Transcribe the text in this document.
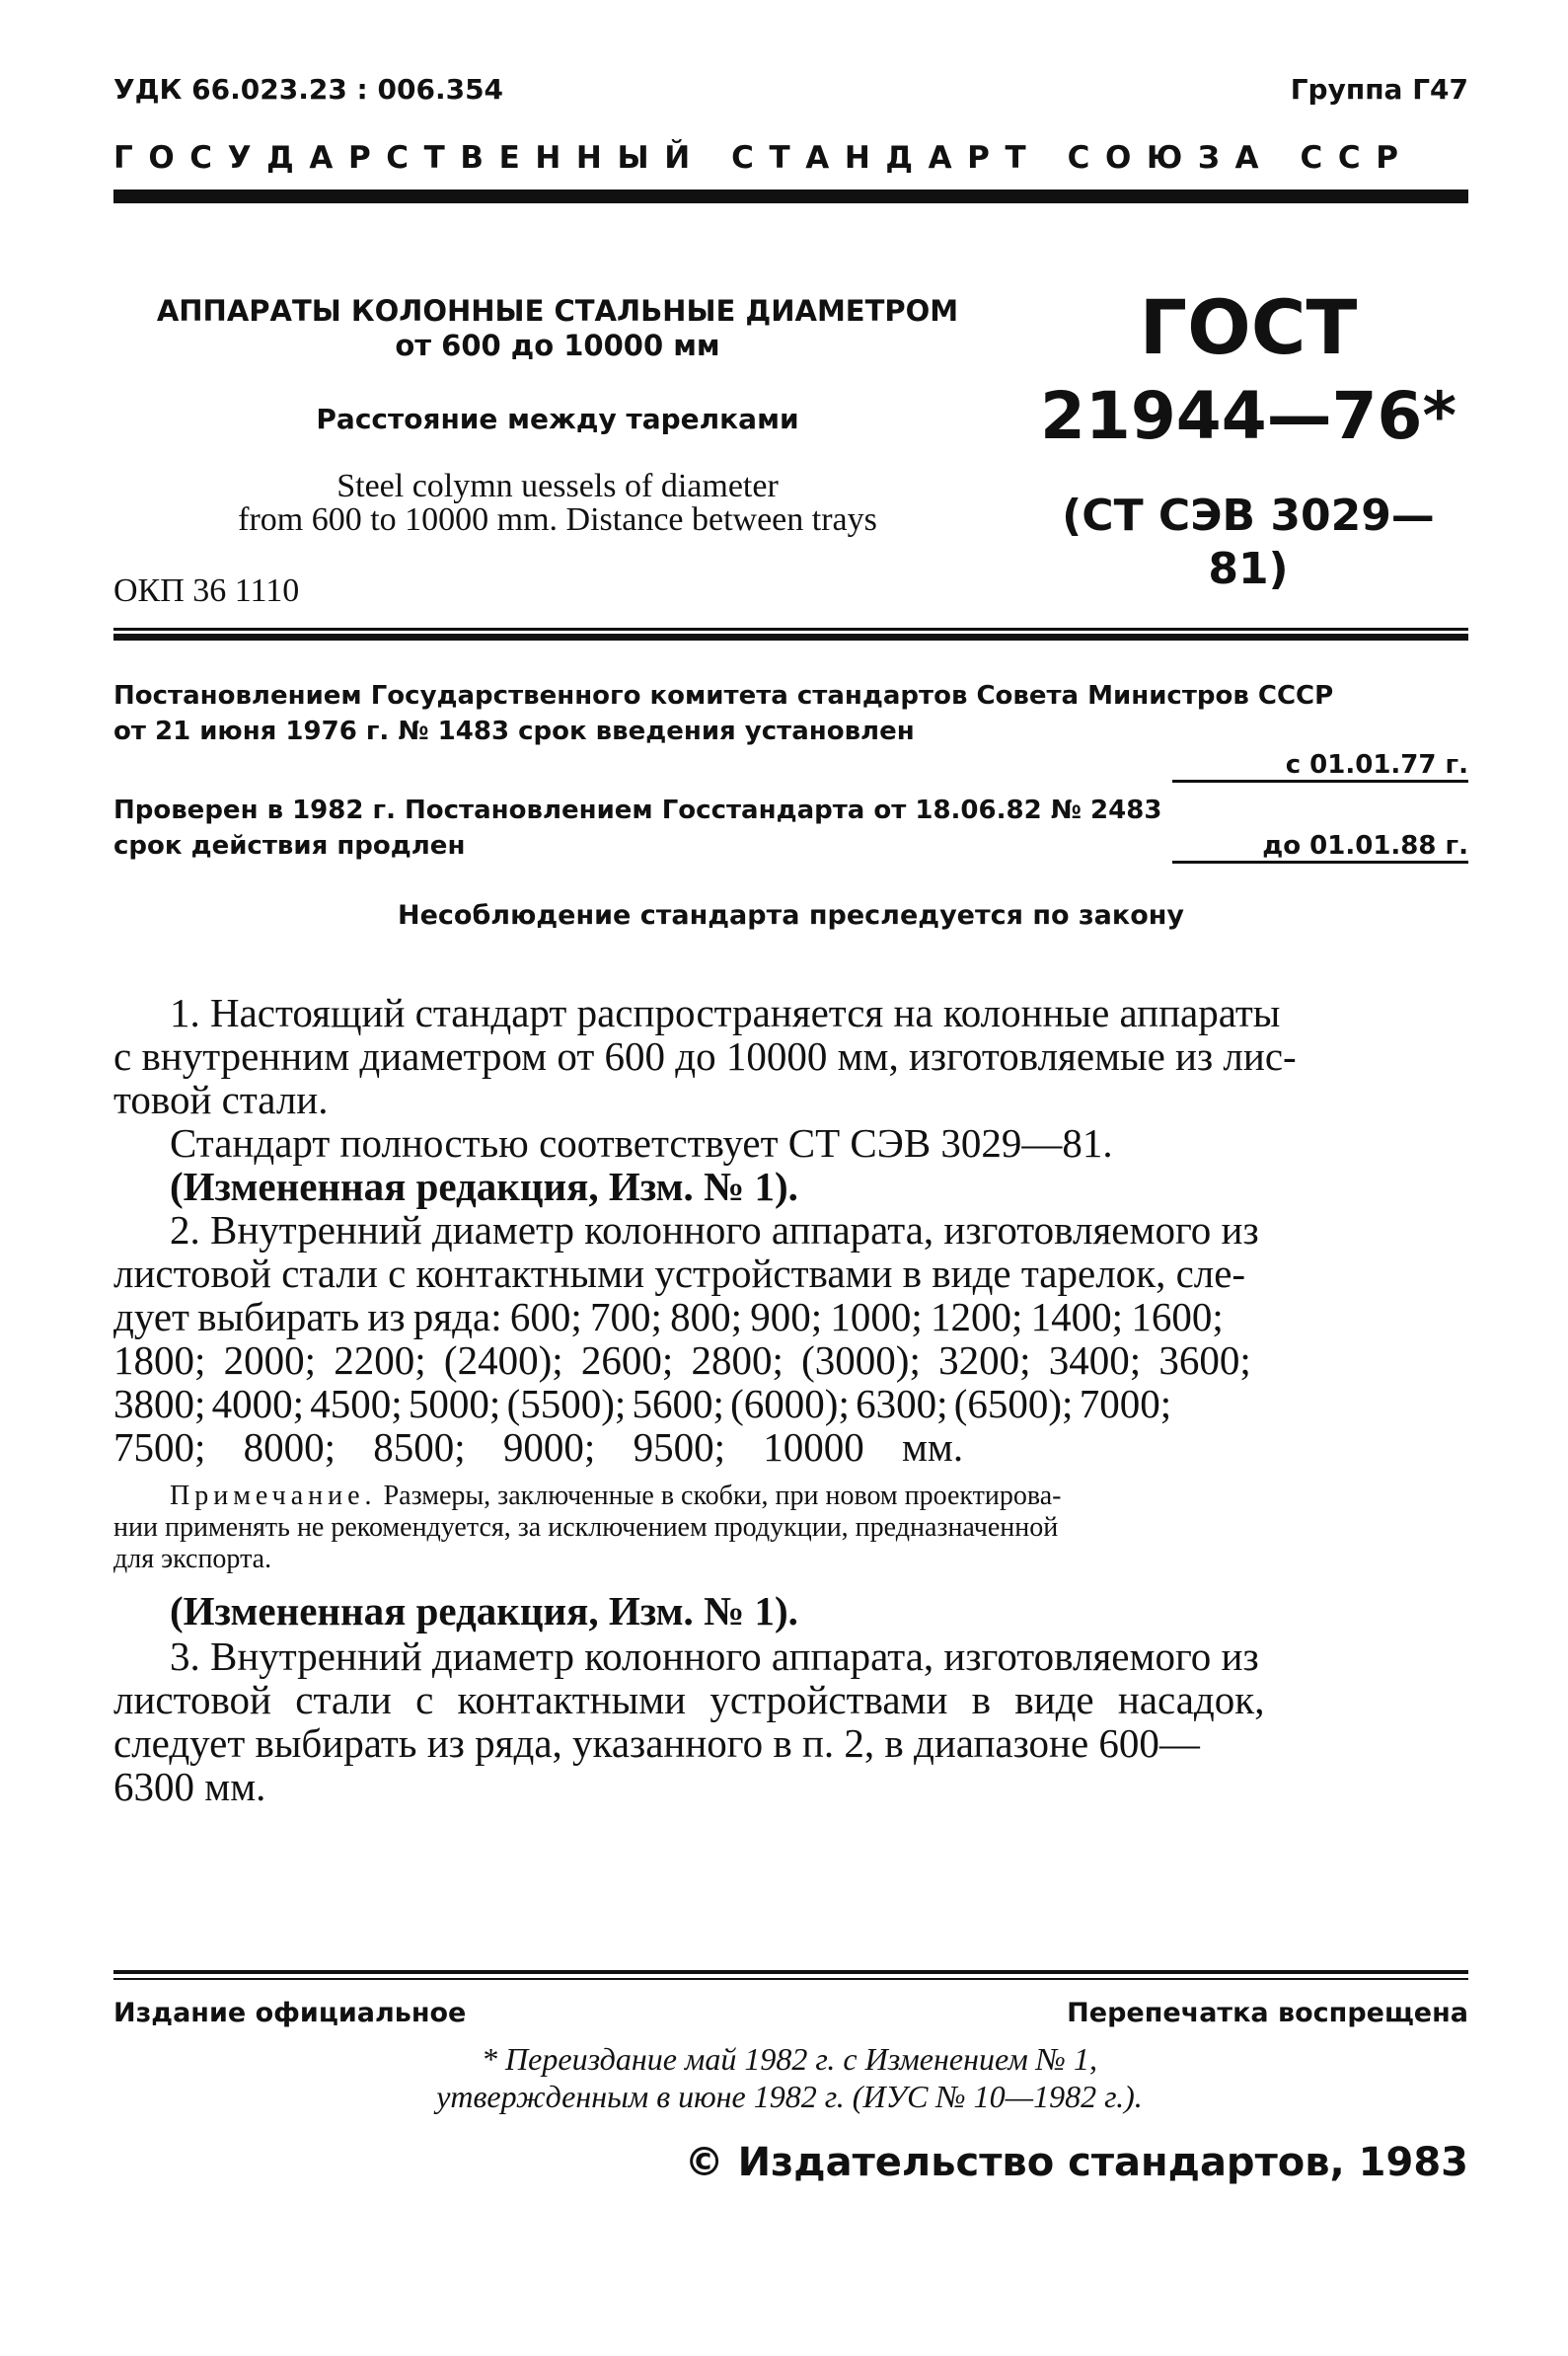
УДК 66.023.23 : 006.354	Группа Г47
ГОСУДАРСТВЕННЫЙ СТАНДАРТ СОЮЗА ССР
АППАРАТЫ КОЛОННЫЕ СТАЛЬНЫЕ ДИАМЕТРОМ
от 600 до 10000 мм
Расстояние между тарелками
Steel colymn uessels of diameter
from 600 to 10000 mm. Distance between trays
ОКП 36 1110
ГОСТ
21944—76*
(СТ СЭВ 3029—81)
Постановлением Государственного комитета стандартов Совета Министров СССР
от 21 июня 1976 г. № 1483 срок введения установлен
с 01.01.77 г.
Проверен в 1982 г. Постановлением Госстандарта от 18.06.82 № 2483
срок действия продлен	до 01.01.88 г.
Несоблюдение стандарта преследуется по закону
1. Настоящий стандарт распространяется на колонные аппараты
с внутренним диаметром от 600 до 10000 мм, изготовляемые из лис-
товой стали.
Стандарт полностью соответствует СТ СЭВ 3029—81.
(Измененная редакция, Изм. № 1).
2. Внутренний диаметр колонного аппарата, изготовляемого из
листовой стали с контактными устройствами в виде тарелок, сле-
дует выбирать из ряда: 600; 700; 800; 900; 1000; 1200; 1400; 1600;
1800; 2000; 2200; (2400); 2600; 2800; (3000); 3200; 3400; 3600;
3800; 4000; 4500; 5000; (5500); 5600; (6000); 6300; (6500); 7000;
7500; 8000; 8500; 9000; 9500; 10000 мм.
Примечание. Размеры, заключенные в скобки, при новом проектирова-
нии применять не рекомендуется, за исключением продукции, предназначенной
для экспорта.
(Измененная редакция, Изм. № 1).
3. Внутренний диаметр колонного аппарата, изготовляемого из
листовой стали с контактными устройствами в виде насадок,
следует выбирать из ряда, указанного в п. 2, в диапазоне 600—
6300 мм.
Издание официальное	Перепечатка воспрещена
* Переиздание май 1982 г. с Изменением № 1,
утвержденным в июне 1982 г. (ИУС № 10—1982 г.).
© Издательство стандартов, 1983
